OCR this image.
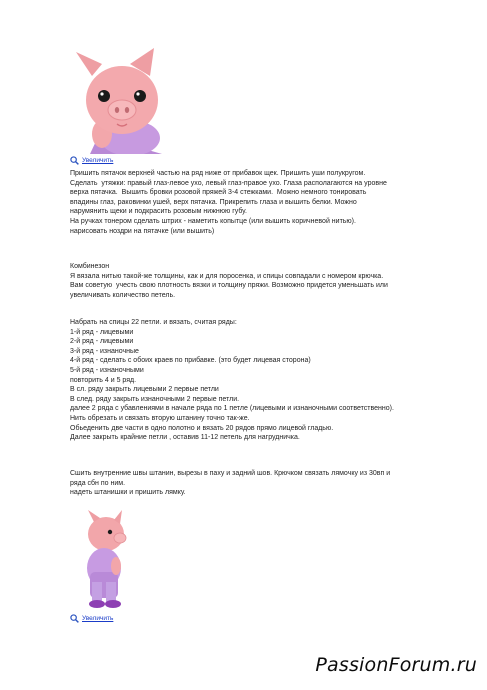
Увеличить
Пришить пятачок верхней частью на ряд ниже от прибавок щек. Пришить уши полукругом.
Сделать  утяжки: правый глаз-левое ухо, левый глаз-правое ухо. Глаза располагаются на уровне
верха пятачка.  Вышить бровки розовой пряжей 3-4 стежками.  Можно немного тонировать
впадины глаз, раковинки ушей, верх пятачка. Прикрепить глаза и вышить белки. Можно
нарумянить щеки и подкрасить розовым нижнюю губу.
На ручках тонером сделать штрих - наметить копытце (или вышить коричневой нитью).
нарисовать ноздри на пятачке (или вышить)
Комбинезон
Я вязала нитью такой-же толщины, как и для поросенка, и спицы совпадали с номером крючка.
Вам советую  учесть свою плотность вязки и толщину пряжи. Возможно придется уменьшать или
увеличивать количество петель.
Набрать на спицы 22 петли. и вязать, считая ряды:
1-й ряд - лицевыми
2-й ряд - лицевыми
3-й ряд - изнаночные
4-й ряд - сделать с обоих краев по прибавке. (это будет лицевая сторона)
5-й ряд - изнаночными
повторить 4 и 5 ряд.
В сл. ряду закрыть лицевыми 2 первые петли
В след. ряду закрыть изнаночными 2 первые петли.
далее 2 ряда с убавлениями в начале ряда по 1 петле (лицевыми и изнаночными соответственно).
Нить обрезать и связать вторую штанину точно так-же.
Обьеденить две части в одно полотно и вязать 20 рядов прямо лицевой гладью.
Далее закрыть крайние петли , оставив 11-12 петель для нагрудничка.
Сшить внутренние швы штанин, вырезы в паху и задний шов. Крючком связать лямочку из 30вп и
ряда сбн по ним.
надеть штанишки и пришить лямку.
Увеличить
PassionForum.ru
